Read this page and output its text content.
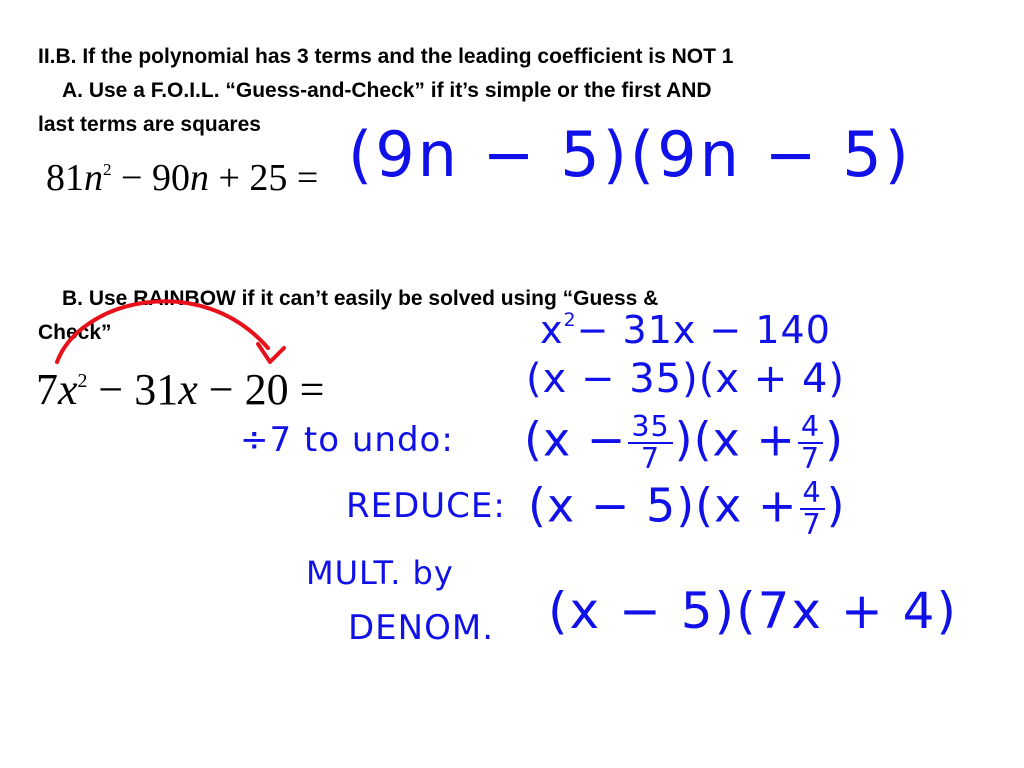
II.B. If the polynomial has 3 terms and the leading coefficient is NOT 1

A. Use a F.O.I.L. “Guess-and-Check” if it’s simple or the first AND

last terms are squares

$81n^2 - 90n + 25 = (9n - 5)(9n - 5)$

B. Use RAINBOW if it can’t easily be solved using “Guess &

Check”

$7x^2 - 31x - 20$ =

$x^2- 31x - 140$

(x − 35)(x + 4)

÷7 to undo: $(x - \frac{35}{7} )(x + \frac{4}{7}$ )

REDUCE: $(x - 5)(x + \frac{4}{7}$ )

MULT. by

DENOM. (x − 5)(7x + 4)
